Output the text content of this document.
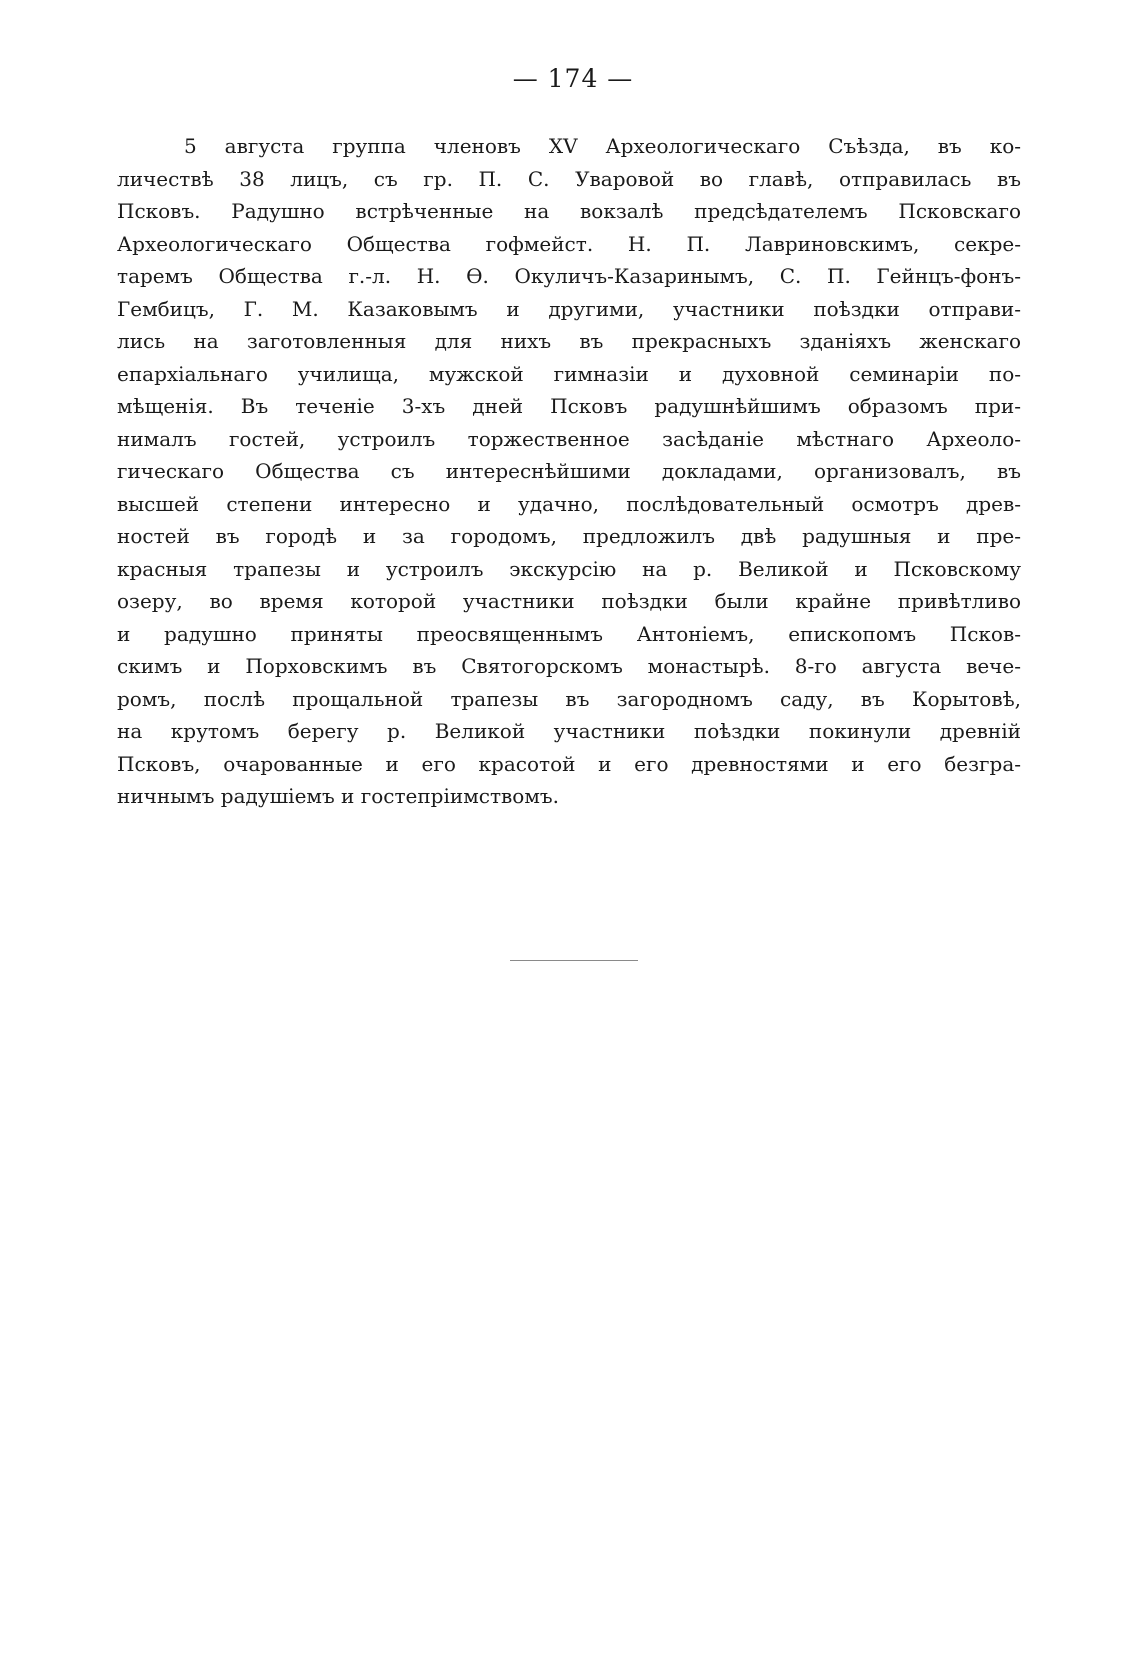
— 174 —
5 августа группа членовъ XV Археологическаго Съѣзда, въ ко-
личествѣ 38 лицъ, съ гр. П. С. Уваровой во главѣ, отправилась въ
Псковъ. Радушно встрѣченные на вокзалѣ предсѣдателемъ Псковскаго
Археологическаго Общества гофмейст. Н. П. Лавриновскимъ, секре-
таремъ Общества г.-л. Н. Ѳ. Окуличъ-Казаринымъ, С. П. Гейнцъ-фонъ-
Гембицъ, Г. М. Казаковымъ и другими, участники поѣздки отправи-
лись на заготовленныя для нихъ въ прекрасныхъ зданіяхъ женскаго
епархіальнаго училища, мужской гимназіи и духовной семинаріи по-
мѣщенія. Въ теченіе 3-хъ дней Псковъ радушнѣйшимъ образомъ при-
нималъ гостей, устроилъ торжественное засѣданіе мѣстнаго Археоло-
гическаго Общества съ интереснѣйшими докладами, организовалъ, въ
высшей степени интересно и удачно, послѣдовательный осмотръ древ-
ностей въ городѣ и за городомъ, предложилъ двѣ радушныя и пре-
красныя трапезы и устроилъ экскурсію на р. Великой и Псковскому
озеру, во время которой участники поѣздки были крайне привѣтливо
и радушно приняты преосвященнымъ Антоніемъ, епископомъ Псков-
скимъ и Порховскимъ въ Святогорскомъ монастырѣ. 8-го августа вече-
ромъ, послѣ прощальной трапезы въ загородномъ саду, въ Корытовѣ,
на крутомъ берегу р. Великой участники поѣздки покинули древній
Псковъ, очарованные и его красотой и его древностями и его безгра-
ничнымъ радушіемъ и гостепріимствомъ.
